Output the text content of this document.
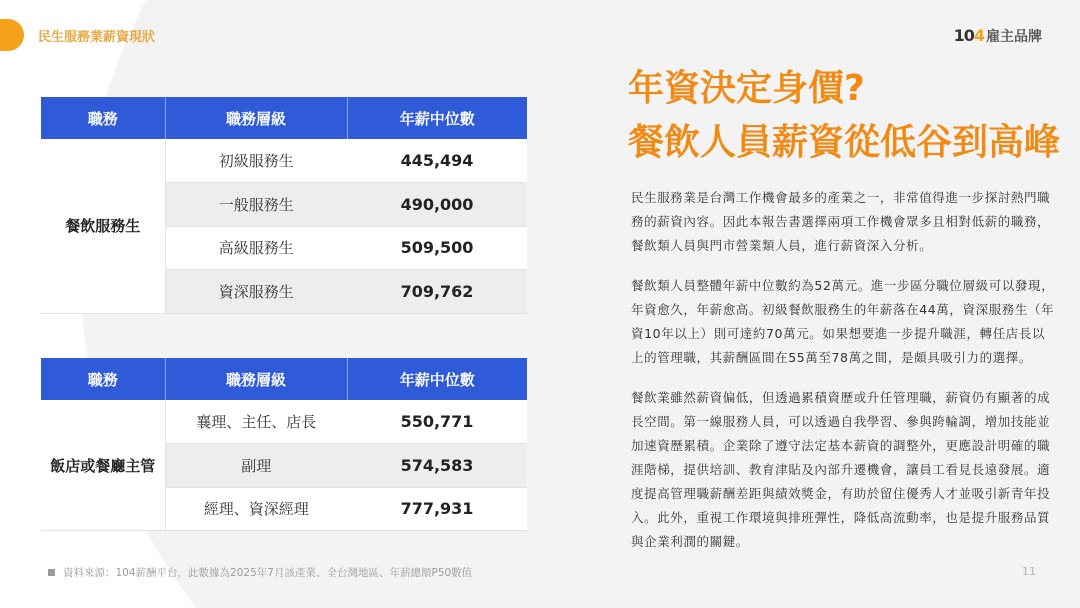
民生服務業薪資現狀	104 雇主品牌
職務	職務層級	年薪中位數
餐飲服務生	初級服務生	445,494
	一般服務生	490,000
	高級服務生	509,500
	資深服務生	709,762
職務	職務層級	年薪中位數
飯店或餐廳主管	襄理、主任、店長	550,771
	副理	574,583
	經理、資深經理	777,931
資料來源：104薪酬平台，此數據為2025年7月該產業、全台灣地區、年薪總額P50數值
年資決定身價?
餐飲人員薪資從低谷到高峰

民生服務業是台灣工作機會最多的產業之一，非常值得進一步探討熱門職務的薪資內容。因此本報告書選擇兩項工作機會眾多且相對低薪的職務，餐飲類人員與門市營業類人員，進行薪資深入分析。

餐飲類人員整體年薪中位數約為52萬元。進一步區分職位層級可以發現，年資愈久，年薪愈高。初級餐飲服務生的年薪落在44萬，資深服務生（年資10年以上）則可達約70萬元。如果想要進一步提升職涯，轉任店長以上的管理職，其薪酬區間在55萬至78萬之間，是頗具吸引力的選擇。

餐飲業雖然薪資偏低，但透過累積資歷或升任管理職，薪資仍有顯著的成長空間。第一線服務人員，可以透過自我學習、參與跨輪調，增加技能並加速資歷累積。企業除了遵守法定基本薪資的調整外，更應設計明確的職涯階梯，提供培訓、教育津貼及內部升遷機會，讓員工看見長遠發展。適度提高管理職薪酬差距與績效獎金，有助於留住優秀人才並吸引新青年投入。此外，重視工作環境與排班彈性，降低高流動率，也是提升服務品質與企業利潤的關鍵。

11
